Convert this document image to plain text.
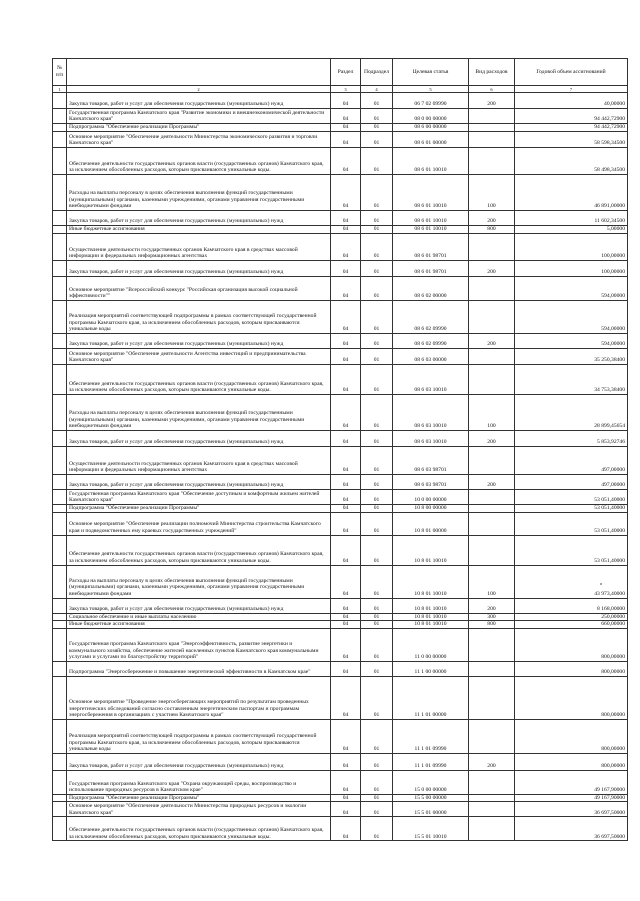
№ п/п		Раздел	Подраздел	Целевая статья	Вид расходов	Годовой объем ассигнований
1	2	3	4	5	6	7
	Закупка товаров, работ и услуг для обеспечения государственных (муниципальных) нужд	04	01	06 7 02 09990	200	40,00000
	Государственная программа Камчатского края "Развитие экономики и внешнеэкономической деятельности Камчатского края"	04	01	08 0 00 00000		94 442,72900
	Подпрограмма "Обеспечение реализации Программы"	04	01	08 6 00 00000		94 442,72900
	Основное мероприятие "Обеспечение деятельности Министерства экономического развития и торговли Камчатского края"	04	01	08 6 01 00000		58 598,34500
	Обеспечение деятельности государственных органов власти (государственных органов) Камчатского края, за исключением обособленных расходов, которым присваиваются уникальные коды.	04	01	08 6 01 10010		58 498,34500
	Расходы на выплаты персоналу в целях обеспечения выполнения функций государственными (муниципальными) органами, казенными учреждениями, органами управления государственными внебюджетными фондами	04	01	08 6 01 10010	100	46 891,00000
	Закупка товаров, работ и услуг для обеспечения государственных (муниципальных) нужд	04	01	08 6 01 10010	200	11 602,34500
	Иные бюджетные ассигнования	04	01	08 6 01 10010	800	5,00000
	Осуществление деятельности государственных органов Камчатского края в средствах массовой информации и федеральных информационных агентствах	04	01	08 6 01 98701		100,00000
	Закупка товаров, работ и услуг для обеспечения государственных (муниципальных) нужд	04	01	08 6 01 98701	200	100,00000
	Основное мероприятие "Всероссийский конкурс "Российская организация высокой социальной эффективности""	04	01	08 6 02 00000		594,00000
	Реализация мероприятий соответствующей подпрограммы в рамках соответствующей государственной программы Камчатского края, за исключением обособленных расходов, которым присваиваются уникальные коды	04	01	08 6 02 09990		594,00000
	Закупка товаров, работ и услуг для обеспечения государственных (муниципальных) нужд	04	01	08 6 02 09990	200	594,00000
	Основное мероприятие "Обеспечение деятельности Агентства инвестиций и предпринимательства Камчатского края"	04	01	08 6 03 00000		35 250,38400
	Обеспечение деятельности государственных органов власти (государственных органов) Камчатского края, за исключением обособленных расходов, которым присваиваются уникальные коды.	04	01	08 6 03 10010		34 753,38400
	Расходы на выплаты персоналу в целях обеспечения выполнения функций государственными (муниципальными) органами, казенными учреждениями, органами управления государственными внебюджетными фондами	04	01	08 6 03 10010	100	28 899,45654
	Закупка товаров, работ и услуг для обеспечения государственных (муниципальных) нужд	04	01	08 6 03 10010	200	5 853,92746
	Осуществление деятельности государственных органов Камчатского края в средствах массовой информации и федеральных информационных агентствах	04	01	08 6 03 98701		497,00000
	Закупка товаров, работ и услуг для обеспечения государственных (муниципальных) нужд	04	01	08 6 03 98701	200	497,00000
	Государственная программа Камчатского края "Обеспечение доступным и комфортным жильем жителей Камчатского края"	04	01	10 0 00 00000		53 051,40000
	Подпрограмма "Обеспечение реализации Программы"	04	01	10 8 00 00000		53 051,40000
	Основное мероприятие "Обеспечение реализации полномочий Министерства строительства Камчатского края и подведомственных ему краевых государственных учреждений"	04	01	10 8 01 00000		53 051,40000
	Обеспечение деятельности государственных органов власти (государственных органов) Камчатского края, за исключением обособленных расходов, которым присваиваются уникальные коды.	04	01	10 8 01 10010		53 051,40000
	Расходы на выплаты персоналу в целях обеспечения выполнения функций государственными (муниципальными) органами, казенными учреждениями, органами управления государственными внебюджетными фондами	04	01	10 8 01 10010	100	43 973,40000
	Закупка товаров, работ и услуг для обеспечения государственных (муниципальных) нужд	04	01	10 8 01 10010	200	8 168,00000
	Социальное обеспечение и иные выплаты населению	04	01	10 8 01 10010	300	250,00000
	Иные бюджетные ассигнования	04	01	10 8 01 10010	800	660,00000
	Государственная программа Камчатского края "Энергоэффективность, развитие энергетики и коммунального хозяйства, обеспечение жителей населенных пунктов Камчатского края коммунальными услугами и услугами по благоустройству территорий"	04	01	11 0 00 00000		800,00000
	Подпрограмма "Энергосбережение и повышение энергетической эффективности в Камчатском крае"	04	01	11 1 00 00000		800,00000
	Основное мероприятие "Проведение энергосберегающих мероприятий по результатам проведенных энергетических обследований согласно составленным энергетическим паспортам и программам энергосбережения в организациях с участием Камчатского края"	04	01	11 1 01 00000		800,00000
	Реализация мероприятий соответствующей подпрограммы в рамках соответствующей государственной программы Камчатского края, за исключением обособленных расходов, которым присваиваются уникальные коды	04	01	11 1 01 09990		800,00000
	Закупка товаров, работ и услуг для обеспечения государственных (муниципальных) нужд	04	01	11 1 01 09990	200	800,00000
	Государственная программа Камчатского края "Охрана окружающей среды, воспроизводство и использование природных ресурсов в Камчатском крае"	04	01	15 0 00 00000		49 167,90000
	Подпрограмма "Обеспечение реализации Программы"	04	01	15 5 00 00000		49 167,90000
	Основное мероприятие "Обеспечение деятельности Министерства природных ресурсов и экологии Камчатского края"	04	01	15 5 01 00000		36 697,50000
	Обеспечение деятельности государственных органов власти (государственных органов) Камчатского края, за исключением обособленных расходов, которым присваиваются уникальные коды.	04	01	15 5 01 10010		36 697,50000
